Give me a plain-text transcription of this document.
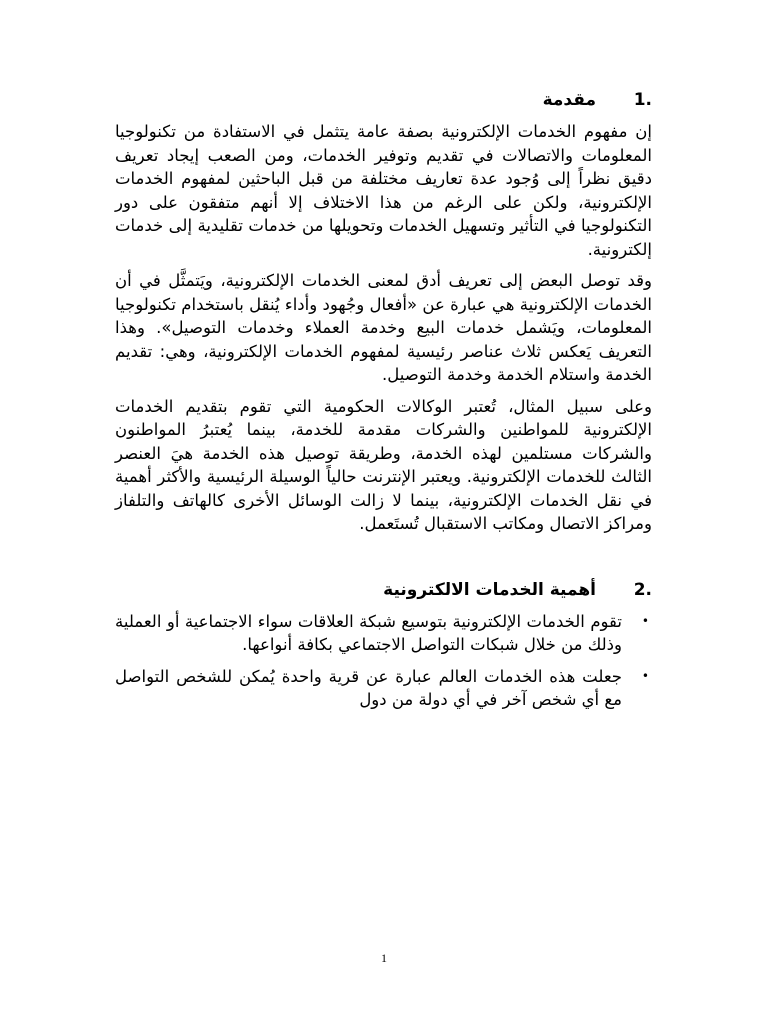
1.
مقدمة

إن مفهوم الخدمات الإلكترونية بصفة عامة يتثمل في الاستفادة من تكنولوجيا المعلومات والاتصالات في تقديم وتوفير الخدمات، ومن الصعب إيجاد تعريف دقيق نظراً إلى وُجود عدة تعاريف مختلفة من قبل الباحثين لمفهوم الخدمات الإلكترونية، ولكن على الرغم من هذا الاختلاف إلا أنهم متفقون على دور التكنولوجيا في التأثير وتسهيل الخدمات وتحويلها من خدمات تقليدية إلى خدمات إلكترونية.

وقد توصل البعض إلى تعريف أدق لمعنى الخدمات الإلكترونية، ويَتمثَّل في أن الخدمات الإلكترونية هي عبارة عن «أفعال وجُهود وأداء يُنقل باستخدام تكنولوجيا المعلومات، ويَشمل خدمات البيع وخدمة العملاء وخدمات التوصيل». وهذا التعريف يَعكس ثلاث عناصر رئيسية لمفهوم الخدمات الإلكترونية، وهي: تقديم الخدمة واستلام الخدمة وخدمة التوصيل.

وعلى سبيل المثال، تُعتبر الوكالات الحكومية التي تقوم بتقديم الخدمات الإلكترونية للمواطنين والشركات مقدمة للخدمة، بينما يُعتبرُ المواطنون والشركات مستلمين لهذه الخدمة، وطريقة توصيل هذه الخدمة هيَ العنصر الثالث للخدمات الإلكترونية. ويعتبر الإنترنت حالياً الوسيلة الرئيسية والأكثر أهمية في نقل الخدمات الإلكترونية، بينما لا زالت الوسائل الأخرى كالهاتف والتلفاز ومراكز الاتصال ومكاتب الاستقبال تُستَعمل.

2.
أهمية الخدمات الالكترونية
•
تقوم الخدمات الإلكترونية بتوسيع شبكة العلاقات سواء الاجتماعية أو العملية وذلك من خلال شبكات التواصل الاجتماعي بكافة أنواعها.
•
جعلت هذه الخدمات العالم عبارة عن قرية واحدة يُمكن للشخص التواصل مع أي شخص آخر في أي دولة من دول
1
